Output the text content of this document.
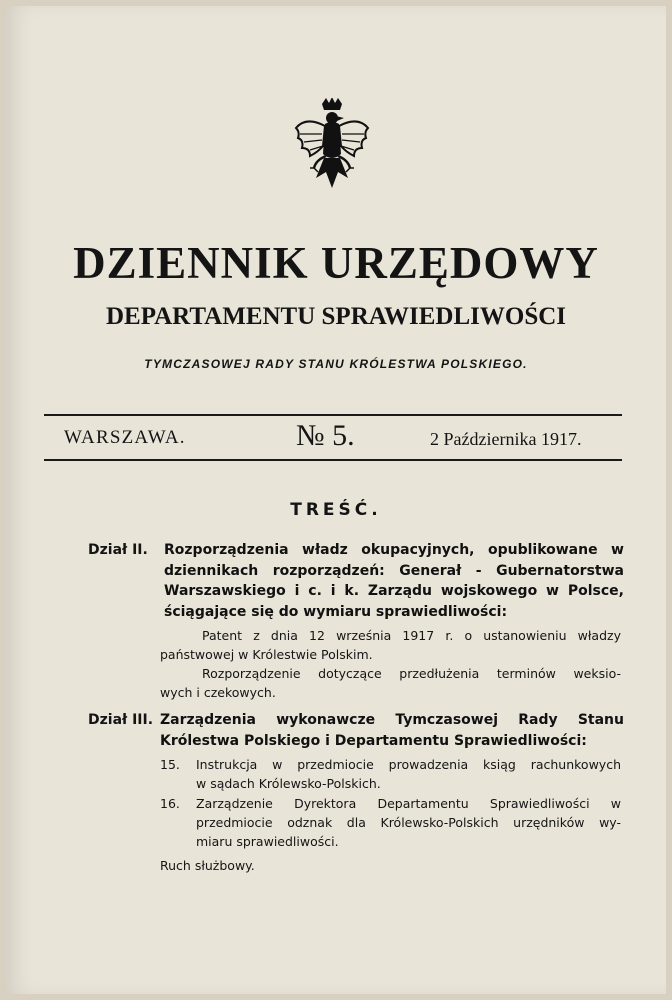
DZIENNIK URZĘDOWY
DEPARTAMENTU SPRAWIEDLIWOŚCI
TYMCZASOWEJ RADY STANU KRÓLESTWA POLSKIEGO.
WARSZAWA.	№ 5.	2 Października 1917.
TREŚĆ.
Dział II. Rozporządzenia władz okupacyjnych, opublikowane w
dziennikach rozporządzeń: Generał - Gubernatorstwa
Warszawskiego i c. i k. Zarządu wojskowego w Polsce,
ściągające się do wymiaru sprawiedliwości:
Patent z dnia 12 września 1917 r. o ustanowieniu władzy
państwowej w Królestwie Polskim.
Rozporządzenie dotyczące przedłużenia terminów weksio-
wych i czekowych.
Dział III. Zarządzenia wykonawcze Tymczasowej Rady Stanu
Królestwa Polskiego i Departamentu Sprawiedliwości:
15. Instrukcja w przedmiocie prowadzenia ksiąg rachunkowych
w sądach Królewsko-Polskich.
16. Zarządzenie Dyrektora Departamentu Sprawiedliwości w
przedmiocie odznak dla Królewsko-Polskich urzędników wy-
miaru sprawiedliwości.
Ruch służbowy.
